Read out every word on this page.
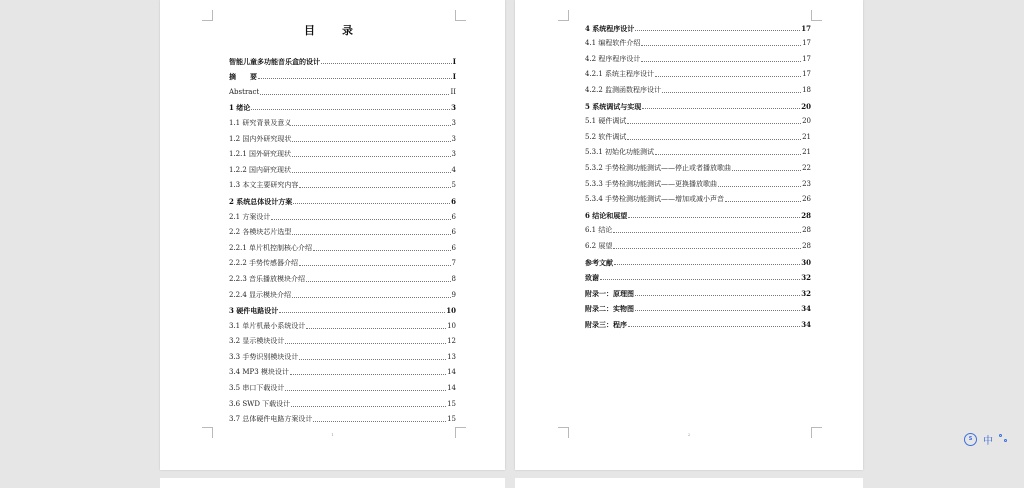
目　录
智能儿童多功能音乐盒的设计	I
摘　　要	I
Abstract	II
1 绪论	3
1.1 研究背景及意义	3
1.2 国内外研究现状	3
1.2.1 国外研究现状	3
1.2.2 国内研究现状	4
1.3 本文主要研究内容	5
2 系统总体设计方案	6
2.1 方案设计	6
2.2 各模块芯片选型	6
2.2.1 单片机控制核心介绍	6
2.2.2 手势传感器介绍	7
2.2.3 音乐播放模块介绍	8
2.2.4 显示模块介绍	9
3 硬件电路设计	10
3.1 单片机最小系统设计	10
3.2 显示模块设计	12
3.3 手势识别模块设计	13
3.4 MP3 模块设计	14
3.5 串口下载设计	14
3.6 SWD 下载设计	15
3.7 总体硬件电路方案设计	15
1
4 系统程序设计	17
4.1 编程软件介绍	17
4.2 程序程序设计	17
4.2.1 系统主程序设计	17
4.2.2 监测函数程序设计	18
5 系统调试与实现	20
5.1 硬件调试	20
5.2 软件调试	21
5.3.1 初始化功能测试	21
5.3.2 手势检测功能测试——停止或者播放歌曲	22
5.3.3 手势检测功能测试——更换播放歌曲	23
5.3.4 手势检测功能测试——增加或减小声音	26
6 结论和展望	28
6.1 结论	28
6.2 展望	28
参考文献	30
致谢	32
附录一：原理图	32
附录二：实物图	34
附录三：程序	34
2
S	中
